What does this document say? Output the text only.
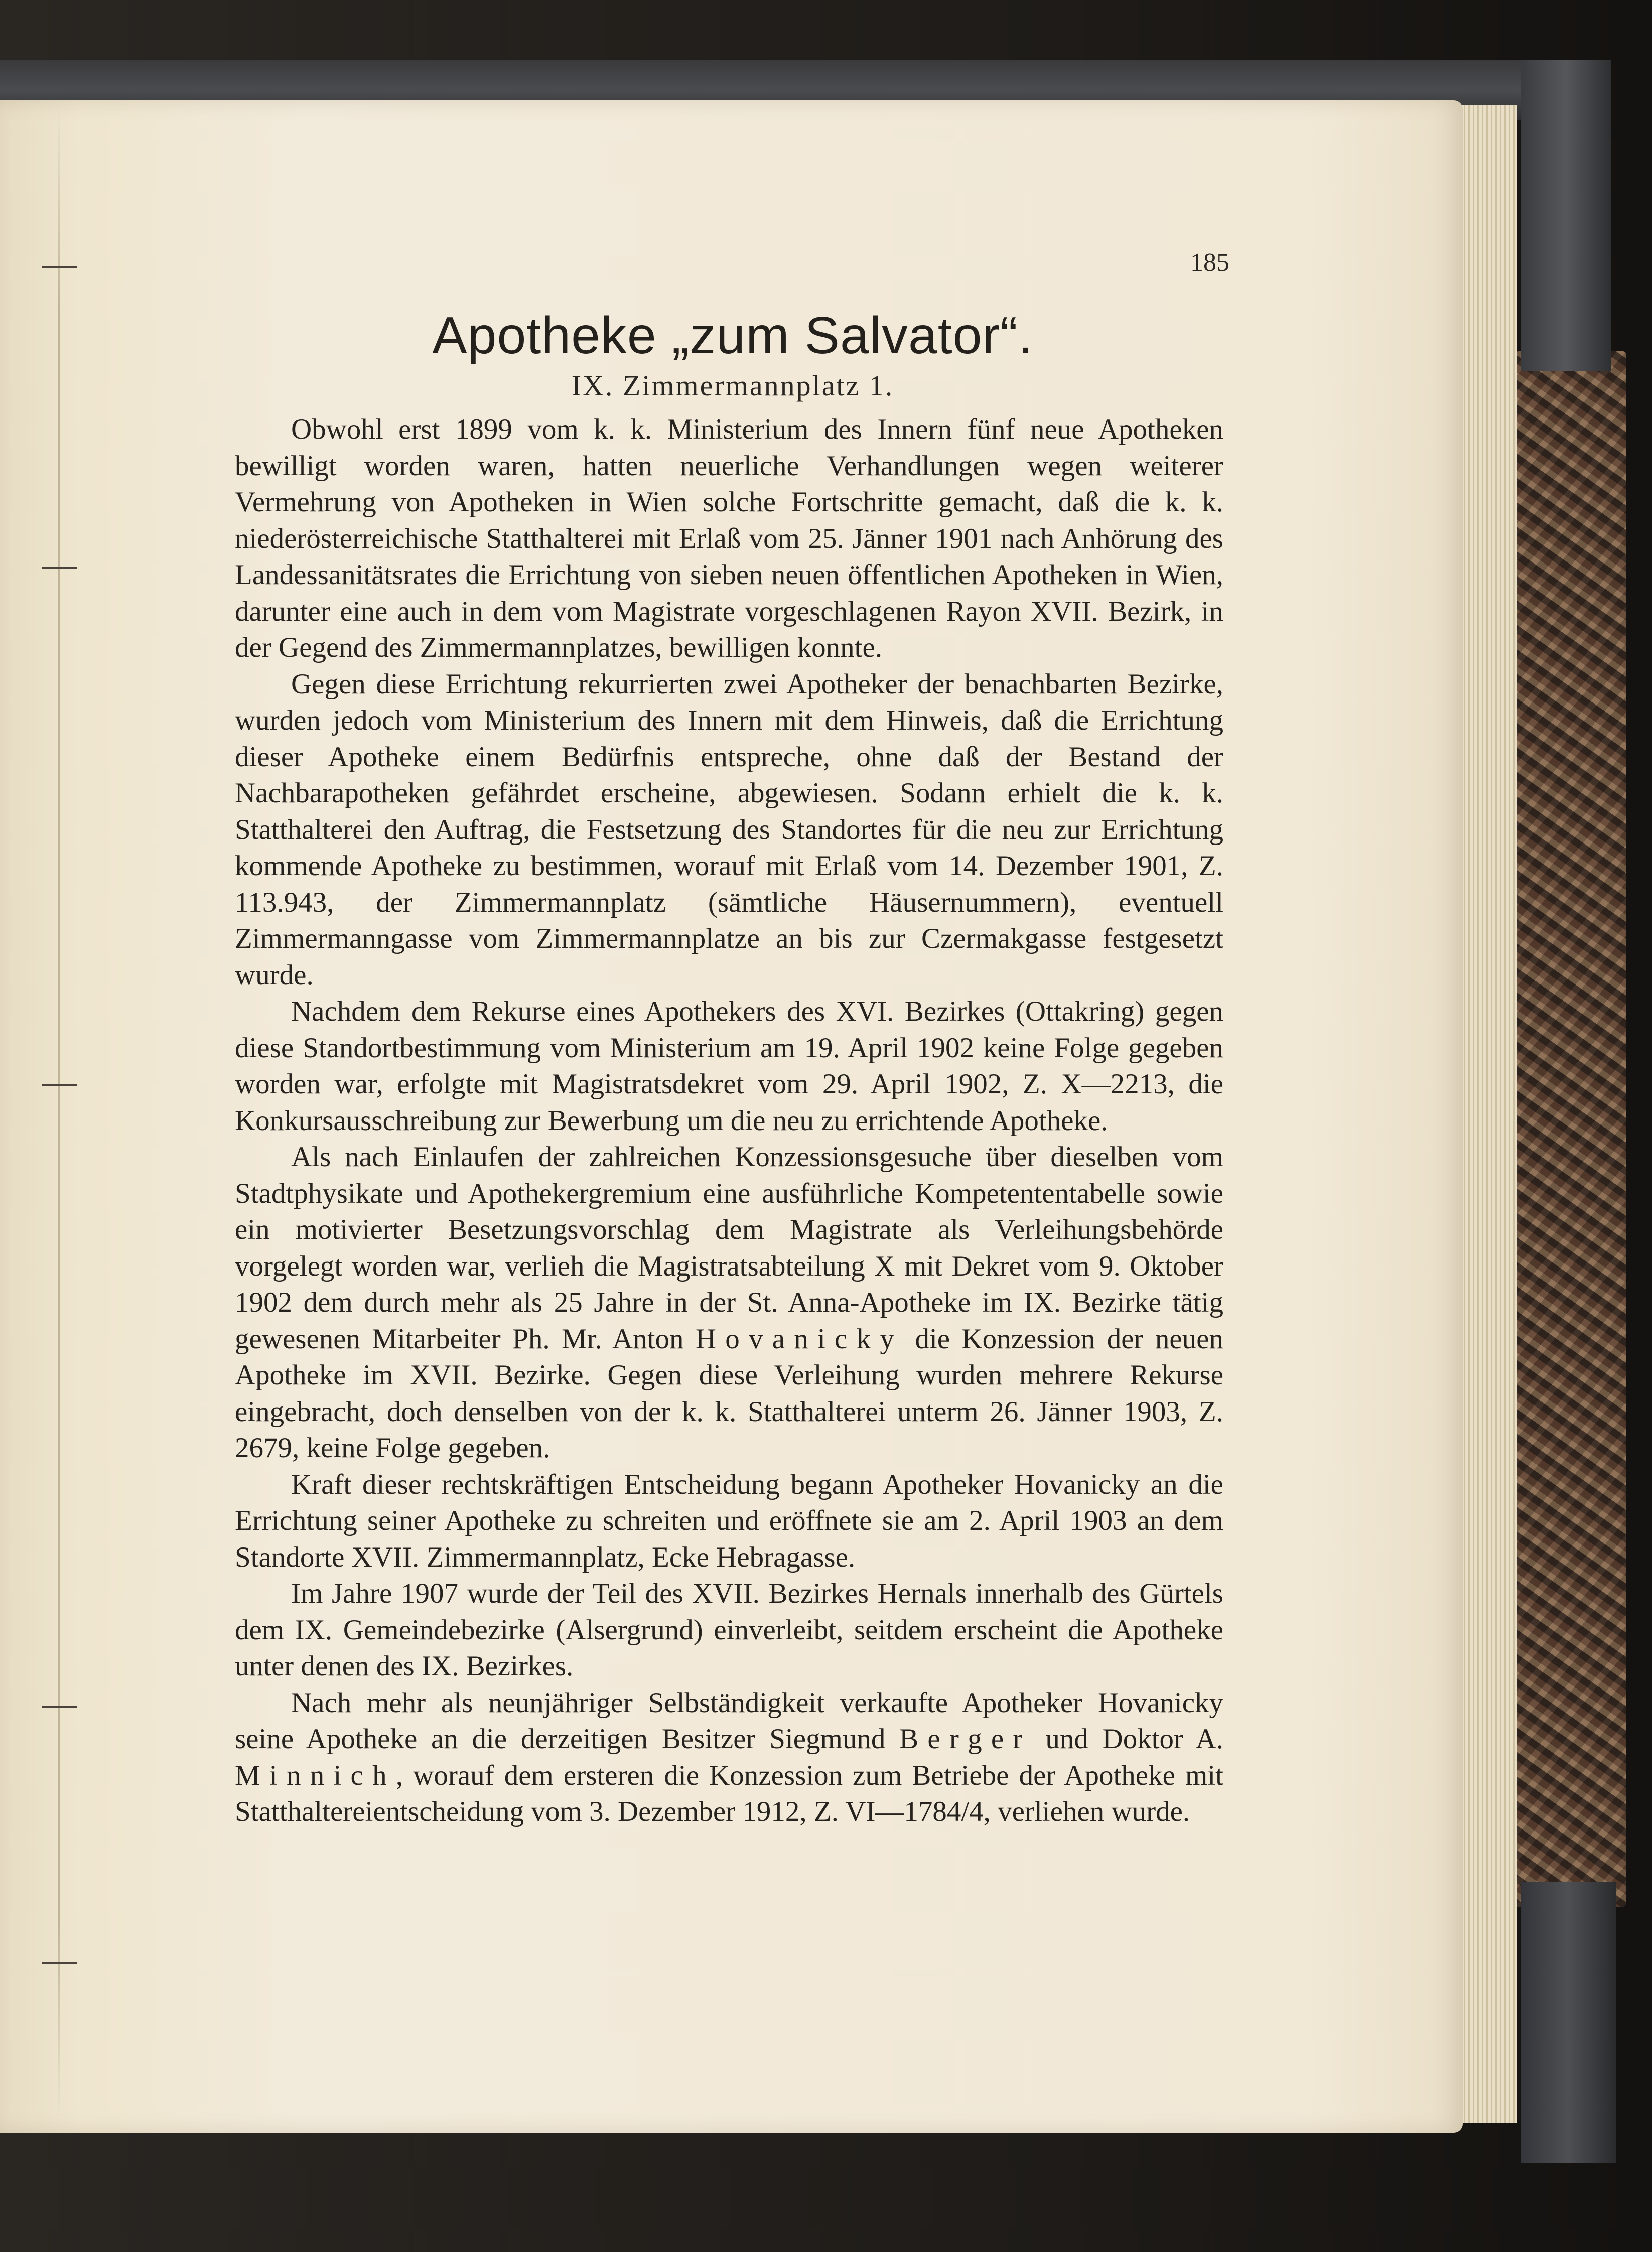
185
Apotheke „zum Salvator“.
IX. Zimmermannplatz 1.

Obwohl erst 1899 vom k. k. Ministerium des Innern fünf neue Apotheken bewilligt worden waren, hatten neuerliche Verhandlungen wegen weiterer Vermehrung von Apotheken in Wien solche Fortschritte gemacht, daß die k. k. niederösterreichische Statthalterei mit Erlaß vom 25. Jänner 1901 nach Anhörung des Landessanitätsrates die Errichtung von sieben neuen öffentlichen Apotheken in Wien, darunter eine auch in dem vom Magistrate vorgeschlagenen Rayon XVII. Bezirk, in der Gegend des Zimmermannplatzes, bewilligen konnte.

Gegen diese Errichtung rekurrierten zwei Apotheker der benachbarten Bezirke, wurden jedoch vom Ministerium des Innern mit dem Hinweis, daß die Errichtung dieser Apotheke einem Bedürfnis entspreche, ohne daß der Bestand der Nachbarapotheken gefährdet erscheine, abgewiesen. Sodann erhielt die k. k. Statthalterei den Auftrag, die Festsetzung des Standortes für die neu zur Errichtung kommende Apotheke zu bestimmen, worauf mit Erlaß vom 14. Dezember 1901, Z. 113.943, der Zimmermannplatz (sämtliche Häusernummern), eventuell Zimmermanngasse vom Zimmermannplatze an bis zur Czermakgasse festgesetzt wurde.

Nachdem dem Rekurse eines Apothekers des XVI. Bezirkes (Ottakring) gegen diese Standortbestimmung vom Ministerium am 19. April 1902 keine Folge gegeben worden war, erfolgte mit Magistratsdekret vom 29. April 1902, Z. X—2213, die Konkursausschreibung zur Bewerbung um die neu zu errichtende Apotheke.

Als nach Einlaufen der zahlreichen Konzessionsgesuche über dieselben vom Stadtphysikate und Apothekergremium eine ausführliche Kompetententabelle sowie ein motivierter Besetzungsvorschlag dem Magistrate als Verleihungsbehörde vorgelegt worden war, verlieh die Magistratsabteilung X mit Dekret vom 9. Oktober 1902 dem durch mehr als 25 Jahre in der St. Anna-Apotheke im IX. Bezirke tätig gewesenen Mitarbeiter Ph. Mr. Anton Hovanicky die Konzession der neuen Apotheke im XVII. Bezirke. Gegen diese Verleihung wurden mehrere Rekurse eingebracht, doch denselben von der k. k. Statthalterei unterm 26. Jänner 1903, Z. 2679, keine Folge gegeben.

Kraft dieser rechtskräftigen Entscheidung begann Apotheker Hovanicky an die Errichtung seiner Apotheke zu schreiten und eröffnete sie am 2. April 1903 an dem Standorte XVII. Zimmermannplatz, Ecke Hebragasse.

Im Jahre 1907 wurde der Teil des XVII. Bezirkes Hernals innerhalb des Gürtels dem IX. Gemeindebezirke (Alsergrund) einverleibt, seitdem erscheint die Apotheke unter denen des IX. Bezirkes.

Nach mehr als neunjähriger Selbständigkeit verkaufte Apotheker Hovanicky seine Apotheke an die derzeitigen Besitzer Siegmund Berger und Doktor A. Minnich, worauf dem ersteren die Konzession zum Betriebe der Apotheke mit Statthaltereientscheidung vom 3. Dezember 1912, Z. VI—1784/4, verliehen wurde.
